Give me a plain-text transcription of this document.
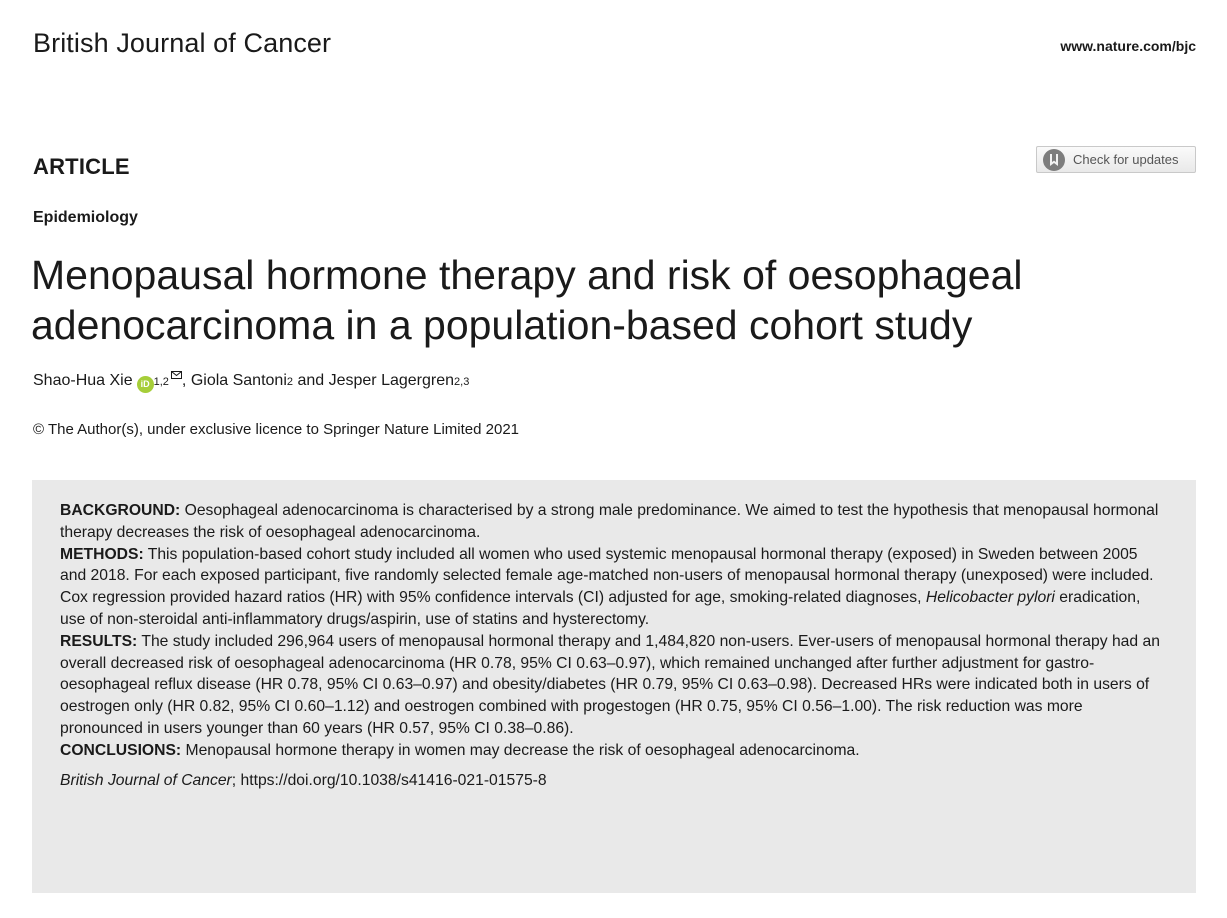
British Journal of Cancer	www.nature.com/bjc
ARTICLE	Check for updates
Epidemiology
Menopausal hormone therapy and risk of oesophageal adenocarcinoma in a population-based cohort study
Shao-Hua Xie iD 1,2 , Giola Santoni 2 and Jesper Lagergren 2,3
© The Author(s), under exclusive licence to Springer Nature Limited 2021

BACKGROUND: Oesophageal adenocarcinoma is characterised by a strong male predominance. We aimed to test the hypothesis that menopausal hormonal therapy decreases the risk of oesophageal adenocarcinoma.

METHODS: This population-based cohort study included all women who used systemic menopausal hormonal therapy (exposed) in Sweden between 2005 and 2018. For each exposed participant, five randomly selected female age-matched non-users of menopausal hormonal therapy (unexposed) were included. Cox regression provided hazard ratios (HR) with 95% confidence intervals (CI) adjusted for age, smoking-related diagnoses, Helicobacter pylori eradication, use of non-steroidal anti-inflammatory drugs/aspirin, use of statins and hysterectomy.

RESULTS: The study included 296,964 users of menopausal hormonal therapy and 1,484,820 non-users. Ever-users of menopausal hormonal therapy had an overall decreased risk of oesophageal adenocarcinoma (HR 0.78, 95% CI 0.63–0.97), which remained unchanged after further adjustment for gastro-oesophageal reflux disease (HR 0.78, 95% CI 0.63–0.97) and obesity/diabetes (HR 0.79, 95% CI 0.63–0.98). Decreased HRs were indicated both in users of oestrogen only (HR 0.82, 95% CI 0.60–1.12) and oestrogen combined with progestogen (HR 0.75, 95% CI 0.56–1.00). The risk reduction was more pronounced in users younger than 60 years (HR 0.57, 95% CI 0.38–0.86).

CONCLUSIONS: Menopausal hormone therapy in women may decrease the risk of oesophageal adenocarcinoma.

British Journal of Cancer; https://doi.org/10.1038/s41416-021-01575-8
